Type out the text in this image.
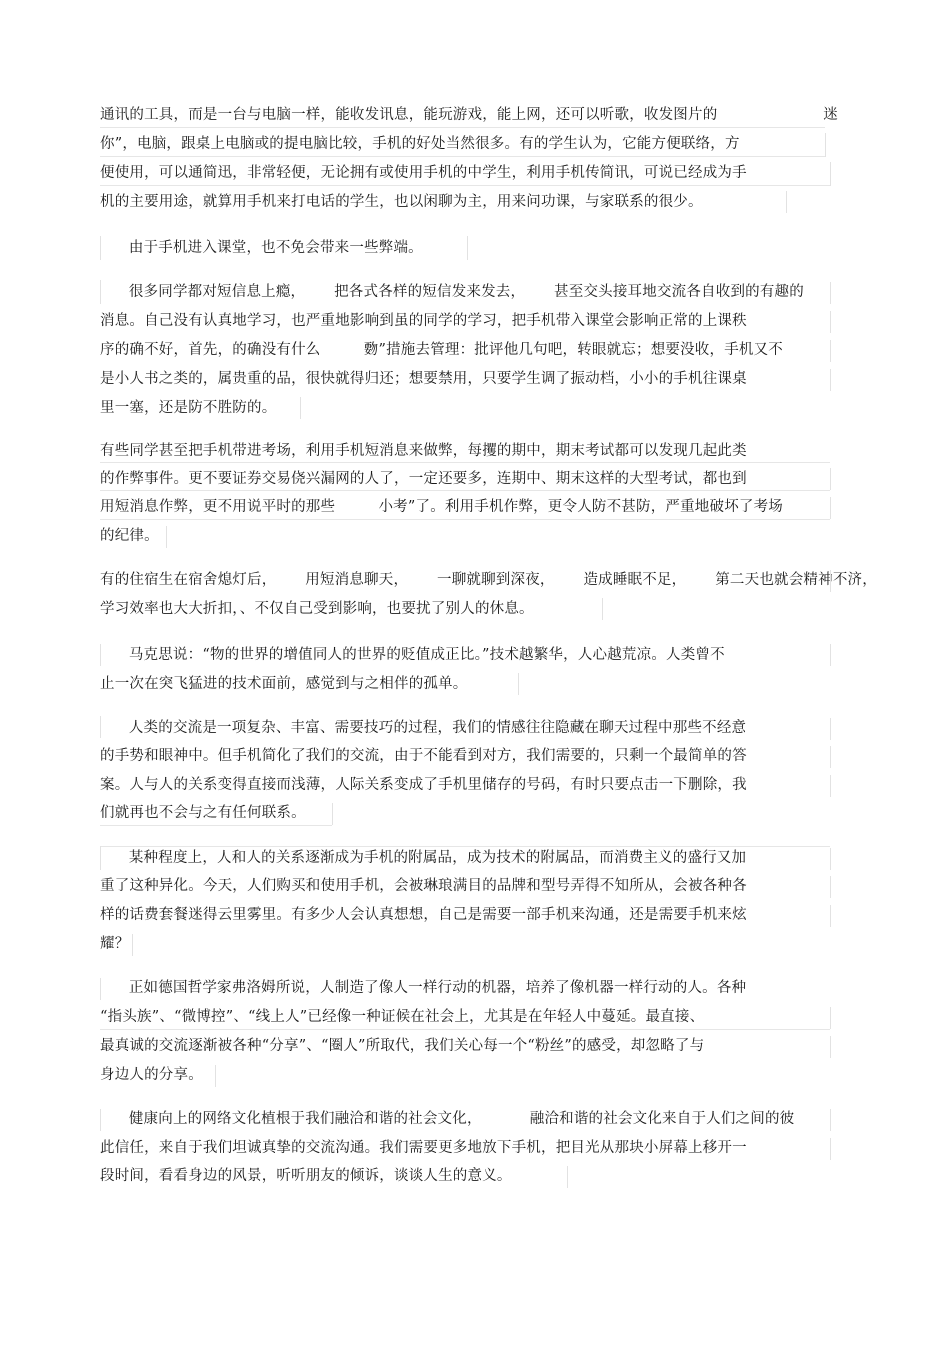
通讯的工具，而是一台与电脑一样，能收发讯息，能玩游戏，能上网，还可以听歌，收发图片的                      迷
你”，电脑，跟桌上电脑或的提电脑比较，手机的好处当然很多。有的学生认为，它能方便联络，方
便使用，可以通简迅，非常轻便，无论拥有或使用手机的中学生，利用手机传简讯，可说已经成为手
机的主要用途，就算用手机来打电话的学生，也以闲聊为主，用来问功课，与家联系的很少。
由于手机进入课堂，也不免会带来一些弊端。
很多同学都对短信息上瘾，      把各式各样的短信发来发去，      甚至交头接耳地交流各自收到的有趣的
消息。自己没有认真地学习，也严重地影响到虽的同学的学习，把手机带入课堂会影响正常的上课秩
序的确不好，首先，的确没有什么         覅”措施去管理：批评他几句吧，转眼就忘；想要没收，手机又不
是小人书之类的，属贵重的品，很快就得归还；想要禁用，只要学生调了振动档，小小的手机往课桌
里一塞，还是防不胜防的。
有些同学甚至把手机带进考场，利用手机短消息来做弊，每攫的期中，期末考试都可以发现几起此类
的作弊事件。更不要证券交易侥兴漏网的人了，一定还要多，连期中、期末这样的大型考试，都也到
用短消息作弊，更不用说平时的那些         小考”了。利用手机作弊，更令人防不甚防，严重地破坏了考场
的纪律。
有的住宿生在宿舍熄灯后，      用短消息聊天，      一聊就聊到深夜，      造成睡眠不足，      第二天也就会精神不济，
学习效率也大大折扣，、不仅自己受到影响，也要扰了别人的休息。
马克思说：“物的世界的增值同人的世界的贬值成正比。”技术越繁华，人心越荒凉。人类曾不
止一次在突飞猛进的技术面前，感觉到与之相伴的孤单。
人类的交流是一项复杂、丰富、需要技巧的过程，我们的情感往往隐藏在聊天过程中那些不经意
的手势和眼神中。但手机简化了我们的交流，由于不能看到对方，我们需要的，只剩一个最简单的答
案。人与人的关系变得直接而浅薄，人际关系变成了手机里储存的号码，有时只要点击一下删除，我
们就再也不会与之有任何联系。
某种程度上，人和人的关系逐渐成为手机的附属品，成为技术的附属品，而消费主义的盛行又加
重了这种异化。今天，人们购买和使用手机，会被琳琅满目的品牌和型号弄得不知所从，会被各种各
样的话费套餐迷得云里雾里。有多少人会认真想想，自己是需要一部手机来沟通，还是需要手机来炫
耀？
正如德国哲学家弗洛姆所说，人制造了像人一样行动的机器，培养了像机器一样行动的人。各种
“指头族”、“微博控”、“线上人”已经像一种证候在社会上，尤其是在年轻人中蔓延。最直接、
最真诚的交流逐渐被各种“分享”、“圈人”所取代，我们关心每一个“粉丝”的感受，却忽略了与
身边人的分享。
健康向上的网络文化植根于我们融洽和谐的社会文化，          融洽和谐的社会文化来自于人们之间的彼
此信任，来自于我们坦诚真挚的交流沟通。我们需要更多地放下手机，把目光从那块小屏幕上移开一
段时间，看看身边的风景，听听朋友的倾诉，谈谈人生的意义。
